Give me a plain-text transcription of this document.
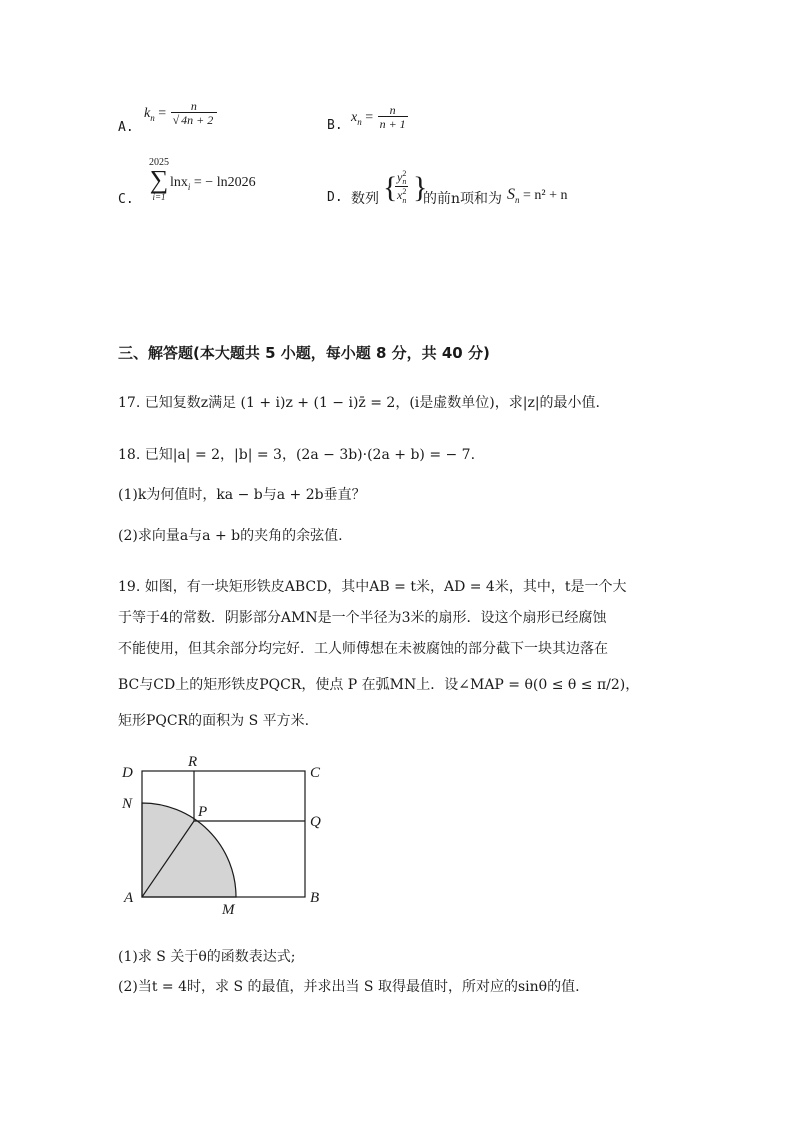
A.
$k_n = \frac{n}{√ 4n + 2}$	B.
$x_n = \frac{n}{n + 1}$
C.
2025
∑
i=1
lnx$_i$ = − ln2026
D. 数列 {
$\frac{y^2_n}{x^2_n}$ }
的前n项和为 $S_n = n^2 + n$
三、解答题(本大题共 5 小题，每小题 8 分，共 40 分)
17. 已知复数z满足 (1 + i)z + (1 − i)z̄ = 2，(i是虚数单位)，求|z|的最小值.
18. 已知|a| = 2，|b| = 3，(2a − 3b)·(2a + b) = − 7.
(1)k为何值时，ka − b与a + 2b垂直？
(2)求向量a与a + b的夹角的余弦值.
19. 如图，有一块矩形铁皮ABCD，其中AB = t米，AD = 4米，其中，t是一个大
于等于4的常数．阴影部分AMN是一个半径为3米的扇形．设这个扇形已经腐蚀
不能使用，但其余部分均完好．工人师傅想在未被腐蚀的部分截下一块其边落在
BC与CD上的矩形铁皮PQCR，使点 P 在弧MN上．设∠MAP = θ(0 ≤ θ ≤ π/2)，
矩形PQCR的面积为 S 平方米.
D
R
C
N	P
Q
A
M
B
(1)求 S 关于θ的函数表达式;
(2)当t = 4时，求 S 的最值，并求出当 S 取得最值时，所对应的sinθ的值.
